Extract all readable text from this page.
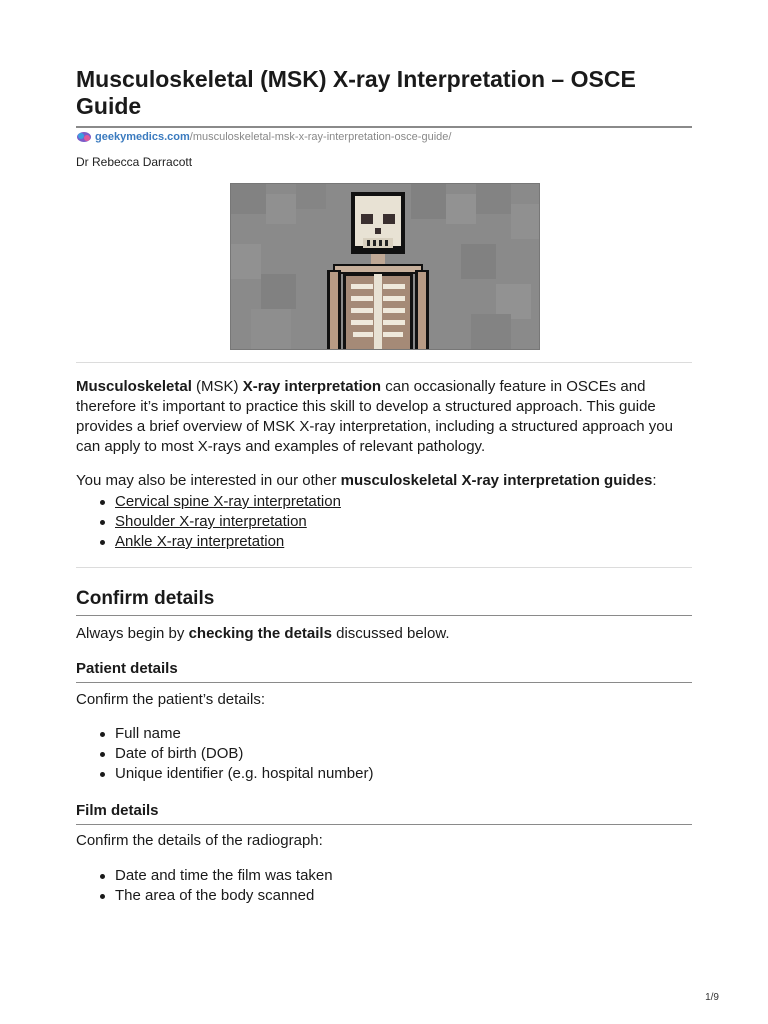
Musculoskeletal (MSK) X-ray Interpretation – OSCE Guide
geekymedics.com /musculoskeletal-msk-x-ray-interpretation-osce-guide/
Dr Rebecca Darracott

Musculoskeletal (MSK) X-ray interpretation can occasionally feature in OSCEs and therefore it’s important to practice this skill to develop a structured approach. This guide provides a brief overview of MSK X-ray interpretation, including a structured approach you can apply to most X-rays and examples of relevant pathology.

You may also be interested in our other musculoskeletal X-ray interpretation guides:

Cervical spine X-ray interpretation
Shoulder X-ray interpretation
Ankle X-ray interpretation
Confirm details

Always begin by checking the details discussed below.

Patient details

Confirm the patient’s details:

Full name
Date of birth (DOB)
Unique identifier (e.g. hospital number)
Film details

Confirm the details of the radiograph:

Date and time the film was taken
The area of the body scanned
1/9
